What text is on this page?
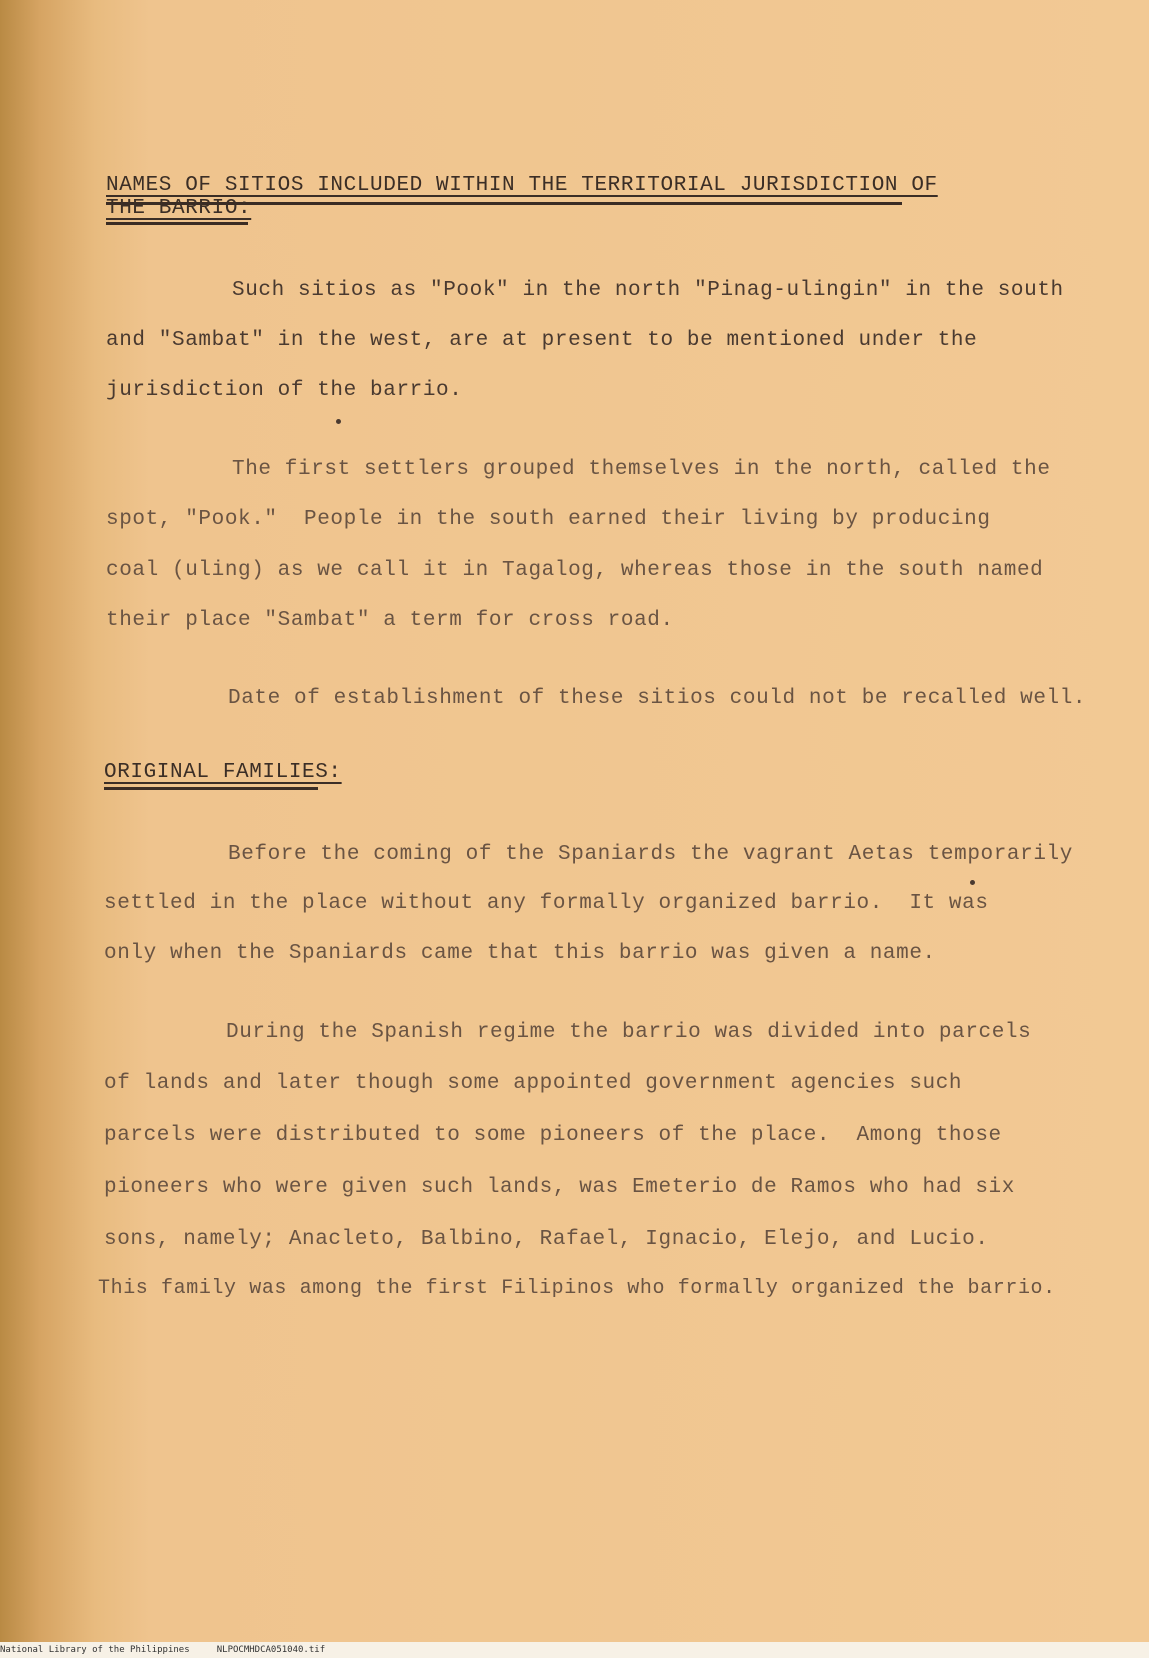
NAMES OF SITIOS INCLUDED WITHIN THE TERRITORIAL JURISDICTION OF
THE BARRIO:
Such sitios as "Pook" in the north "Pinag-ulingin" in the south
and "Sambat" in the west, are at present to be mentioned under the
jurisdiction of the barrio.
The first settlers grouped themselves in the north, called the
spot, "Pook."  People in the south earned their living by producing
coal (uling) as we call it in Tagalog, whereas those in the south named
their place "Sambat" a term for cross road.
Date of establishment of these sitios could not be recalled well.
ORIGINAL FAMILIES:
Before the coming of the Spaniards the vagrant Aetas temporarily
settled in the place without any formally organized barrio.  It was
only when the Spaniards came that this barrio was given a name.
During the Spanish regime the barrio was divided into parcels
of lands and later though some appointed government agencies such
parcels were distributed to some pioneers of the place.  Among those
pioneers who were given such lands, was Emeterio de Ramos who had six
sons, namely; Anacleto, Balbino, Rafael, Ignacio, Elejo, and Lucio.
This family was among the first Filipinos who formally organized the barrio.
National Library of the Philippines     NLPOCMHDCA051040.tif
